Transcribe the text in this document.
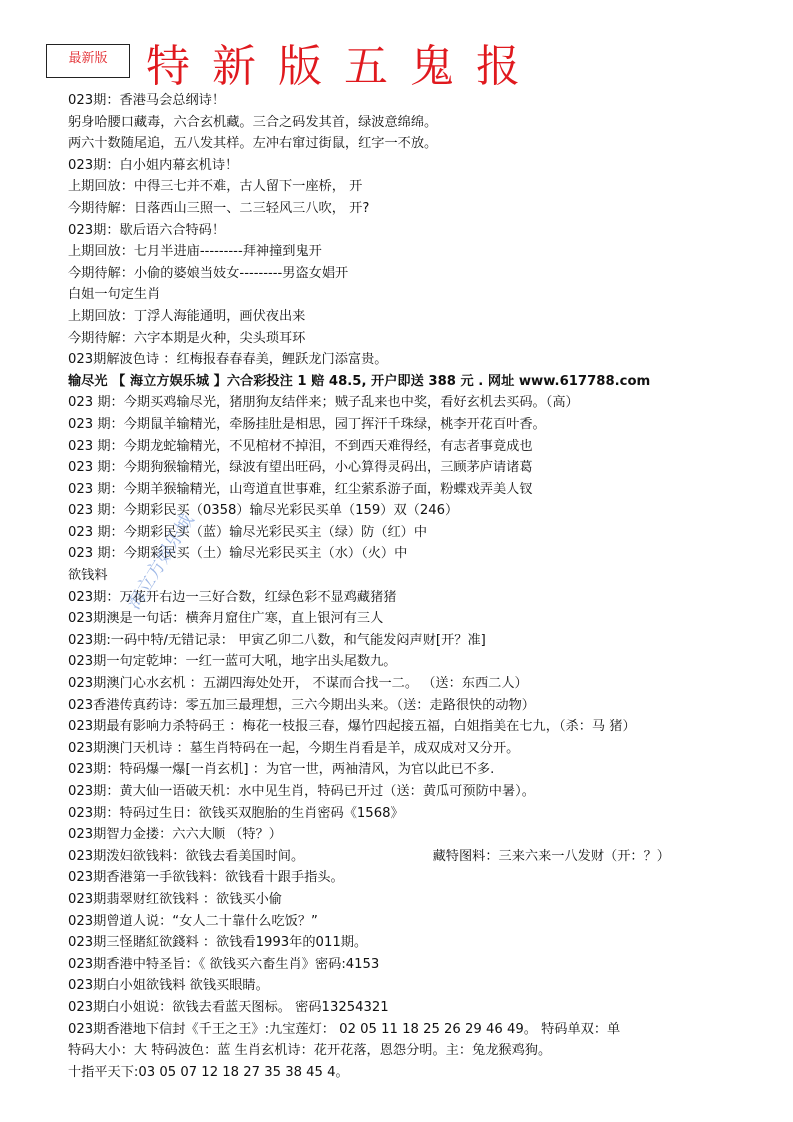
最新版 特新版五鬼报
海立方娱乐城
023期：香港马会总纲诗！
躬身哈腰口藏毒，六合玄机藏。三合之码发其首，绿波意绵绵。
两六十数随尾追，五八发其样。左冲右窜过街鼠，红字一不放。
023期：白小姐内幕玄机诗！
上期回放：中得三七并不难，古人留下一座桥， 开
今期待解：日落西山三照一、二三轻风三八吹， 开?
023期：歇后语六合特码！
上期回放：七月半进庙---------拜神撞到鬼开
今期待解：小偷的婆娘当妓女---------男盗女娼开
白姐一句定生肖
上期回放：丁浮人海能通明，画伏夜出来
今期待解：六字本期是火种，尖头琐耳环
023期解波色诗 ：红梅报春春春美，鲤跃龙门添富贵。
输尽光 【 海立方娱乐城 】六合彩投注 1 赔 48.5, 开户即送 388 元 . 网址 www.617788.com
023 期：今期买鸡输尽光，猪朋狗友结伴来；贼子乱来也中奖，看好玄机去买码。（高）
023 期：今期鼠羊输精光，牵肠挂肚是相思，园丁挥汗千珠绿，桃李开花百叶香。
023 期：今期龙蛇输精光，不见棺材不掉泪，不到西天难得经，有志者事竟成也
023 期：今期狗猴输精光，绿波有望出旺码，小心算得灵码出，三顾茅庐请诸葛
023 期：今期羊猴输精光，山弯道直世事难，红尘萦系游子面，粉蝶戏弄美人钗
023 期：今期彩民买（0358）输尽光彩民买单（159）双（246）
023 期：今期彩民买（蓝）输尽光彩民买主（绿）防（红）中
023 期：今期彩民买（土）输尽光彩民买主（水）（火）中
欲钱料
023期：万花开右边一三好合数，红绿色彩不显鸡藏猪猪
023期澳是一句话：横奔月窟住广寒，直上银河有三人
023期:一码中特/无错记录： 甲寅乙卯二八数，和气能发闷声财[开？准]
023期一句定乾坤：一红一蓝可大吼，地字出头尾数九。
023期澳门心水玄机 ：五湖四海处处开， 不谋而合找一二。 （送：东西二人）
023香港传真药诗：零五加三最理想，三六今期出头来。（送：走路很快的动物）
023期最有影响力杀特码王 ：梅花一枝报三春，爆竹四起接五福，白姐指美在七九，（杀：马 猪）
023期澳门天机诗 ：墓生肖特码在一起，今期生肖看是羊，成双成对又分开。
023期：特码爆一爆[一肖玄机] ：为官一世，两袖清风，为官以此已不多.
023期：黄大仙一语破天机：水中见生肖，特码已开过（送：黄瓜可预防中暑）。
023期：特码过生日：欲钱买双胞胎的生肖密码《1568》
023期智力金搂：六六大顺 （特？）
023期泼妇欲钱料：欲钱去看美国时间。	藏特图料：三来六来一八发财（开：？）
023期香港第一手欲钱料：欲钱看十跟手指头。
023期翡翠财红欲钱料 ：欲钱买小偷
023期曾道人说：“女人二十靠什么吃饭？”
023期三怪賭紅欲錢料 ：欲钱看1993年的011期。
023期香港中特圣旨：《 欲钱买六畜生肖》密码:4153
023期白小姐欲钱料 欲钱买眼睛。
023期白小姐说：欲钱去看蓝天图标。 密码13254321
023期香港地下信封《千王之王》:九宝莲灯： 02 05 11 18 25 26 29 46 49。 特码单双：单
特码大小：大 特码波色：蓝 生肖玄机诗：花开花落，恩怨分明。主：兔龙猴鸡狗。
十指平天下:03 05 07 12 18 27 35 38 45 4。
